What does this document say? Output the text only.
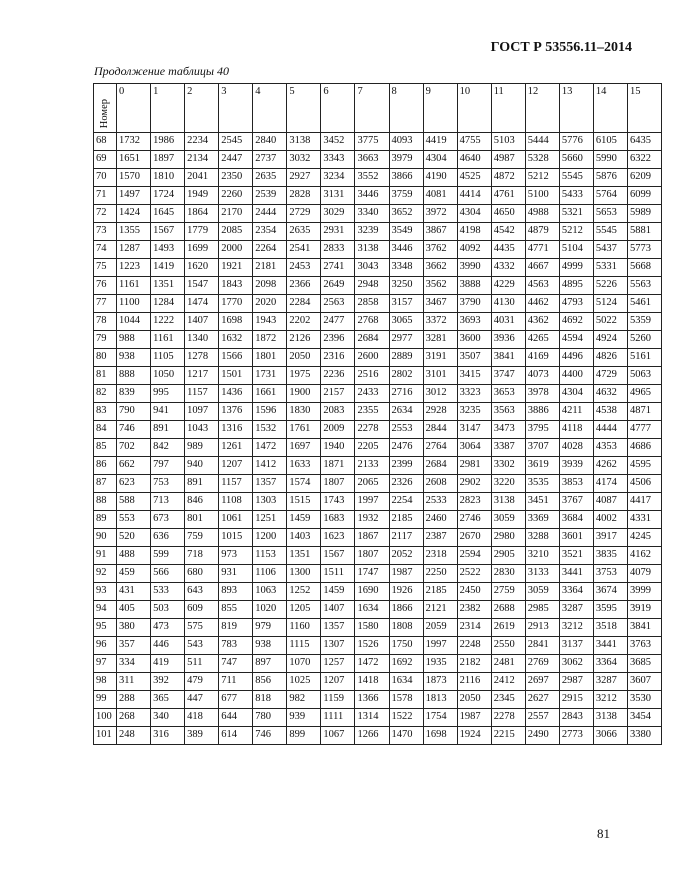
ГОСТ Р 53556.11–2014
Продолжение таблицы 40
Номер	0	1	2	3	4	5	6	7	8	9	10	11	12	13	14	15
68	1732	1986	2234	2545	2840	3138	3452	3775	4093	4419	4755	5103	5444	5776	6105	6435
69	1651	1897	2134	2447	2737	3032	3343	3663	3979	4304	4640	4987	5328	5660	5990	6322
70	1570	1810	2041	2350	2635	2927	3234	3552	3866	4190	4525	4872	5212	5545	5876	6209
71	1497	1724	1949	2260	2539	2828	3131	3446	3759	4081	4414	4761	5100	5433	5764	6099
72	1424	1645	1864	2170	2444	2729	3029	3340	3652	3972	4304	4650	4988	5321	5653	5989
73	1355	1567	1779	2085	2354	2635	2931	3239	3549	3867	4198	4542	4879	5212	5545	5881
74	1287	1493	1699	2000	2264	2541	2833	3138	3446	3762	4092	4435	4771	5104	5437	5773
75	1223	1419	1620	1921	2181	2453	2741	3043	3348	3662	3990	4332	4667	4999	5331	5668
76	1161	1351	1547	1843	2098	2366	2649	2948	3250	3562	3888	4229	4563	4895	5226	5563
77	1100	1284	1474	1770	2020	2284	2563	2858	3157	3467	3790	4130	4462	4793	5124	5461
78	1044	1222	1407	1698	1943	2202	2477	2768	3065	3372	3693	4031	4362	4692	5022	5359
79	988	1161	1340	1632	1872	2126	2396	2684	2977	3281	3600	3936	4265	4594	4924	5260
80	938	1105	1278	1566	1801	2050	2316	2600	2889	3191	3507	3841	4169	4496	4826	5161
81	888	1050	1217	1501	1731	1975	2236	2516	2802	3101	3415	3747	4073	4400	4729	5063
82	839	995	1157	1436	1661	1900	2157	2433	2716	3012	3323	3653	3978	4304	4632	4965
83	790	941	1097	1376	1596	1830	2083	2355	2634	2928	3235	3563	3886	4211	4538	4871
84	746	891	1043	1316	1532	1761	2009	2278	2553	2844	3147	3473	3795	4118	4444	4777
85	702	842	989	1261	1472	1697	1940	2205	2476	2764	3064	3387	3707	4028	4353	4686
86	662	797	940	1207	1412	1633	1871	2133	2399	2684	2981	3302	3619	3939	4262	4595
87	623	753	891	1157	1357	1574	1807	2065	2326	2608	2902	3220	3535	3853	4174	4506
88	588	713	846	1108	1303	1515	1743	1997	2254	2533	2823	3138	3451	3767	4087	4417
89	553	673	801	1061	1251	1459	1683	1932	2185	2460	2746	3059	3369	3684	4002	4331
90	520	636	759	1015	1200	1403	1623	1867	2117	2387	2670	2980	3288	3601	3917	4245
91	488	599	718	973	1153	1351	1567	1807	2052	2318	2594	2905	3210	3521	3835	4162
92	459	566	680	931	1106	1300	1511	1747	1987	2250	2522	2830	3133	3441	3753	4079
93	431	533	643	893	1063	1252	1459	1690	1926	2185	2450	2759	3059	3364	3674	3999
94	405	503	609	855	1020	1205	1407	1634	1866	2121	2382	2688	2985	3287	3595	3919
95	380	473	575	819	979	1160	1357	1580	1808	2059	2314	2619	2913	3212	3518	3841
96	357	446	543	783	938	1115	1307	1526	1750	1997	2248	2550	2841	3137	3441	3763
97	334	419	511	747	897	1070	1257	1472	1692	1935	2182	2481	2769	3062	3364	3685
98	311	392	479	711	856	1025	1207	1418	1634	1873	2116	2412	2697	2987	3287	3607
99	288	365	447	677	818	982	1159	1366	1578	1813	2050	2345	2627	2915	3212	3530
100	268	340	418	644	780	939	1111	1314	1522	1754	1987	2278	2557	2843	3138	3454
101	248	316	389	614	746	899	1067	1266	1470	1698	1924	2215	2490	2773	3066	3380
81
